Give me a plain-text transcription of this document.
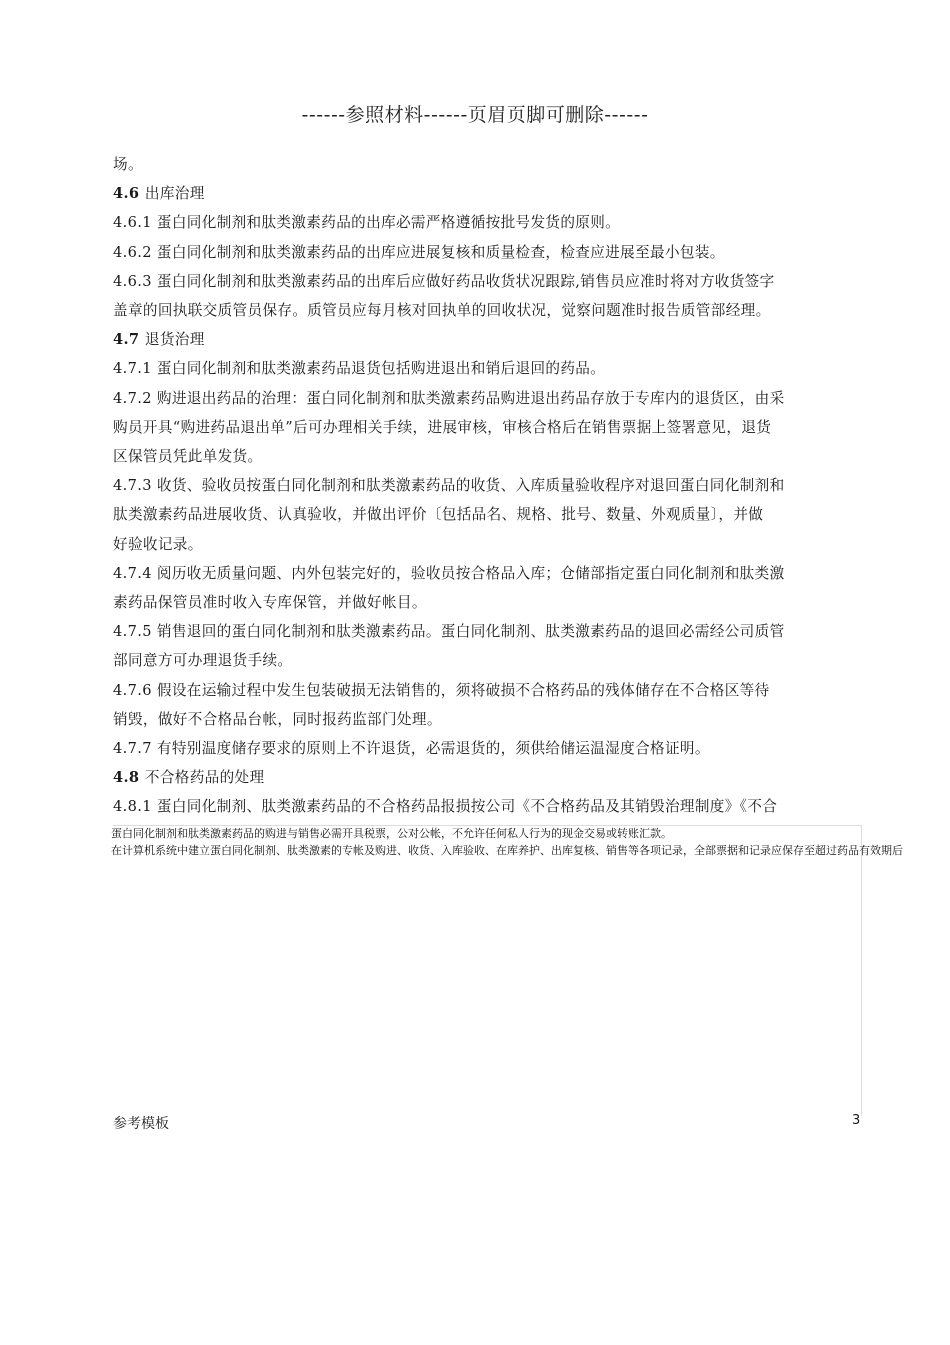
------参照材料------页眉页脚可删除------

场。

4.6 出库治理

4.6.1 蛋白同化制剂和肽类激素药品的出库必需严格遵循按批号发货的原则。

4.6.2 蛋白同化制剂和肽类激素药品的出库应进展复核和质量检查，检查应进展至最小包装。

4.6.3 蛋白同化制剂和肽类激素药品的出库后应做好药品收货状况跟踪,销售员应准时将对方收货签字

盖章的回执联交质管员保存。质管员应每月核对回执单的回收状况，觉察问题准时报告质管部经理。

4.7 退货治理

4.7.1 蛋白同化制剂和肽类激素药品退货包括购进退出和销后退回的药品。

4.7.2 购进退出药品的治理：蛋白同化制剂和肽类激素药品购进退出药品存放于专库内的退货区，由采

购员开具“购进药品退出单”后可办理相关手续，进展审核，审核合格后在销售票据上签署意见，退货

区保管员凭此单发货。

4.7.3 收货、验收员按蛋白同化制剂和肽类激素药品的收货、入库质量验收程序对退回蛋白同化制剂和

肽类激素药品进展收货、认真验收，并做出评价〔包括品名、规格、批号、数量、外观质量〕，并做

好验收记录。

4.7.4 阅历收无质量问题、内外包装完好的，验收员按合格品入库；仓储部指定蛋白同化制剂和肽类激

素药品保管员准时收入专库保管，并做好帐目。

4.7.5 销售退回的蛋白同化制剂和肽类激素药品。蛋白同化制剂、肽类激素药品的退回必需经公司质管

部同意方可办理退货手续。

4.7.6 假设在运输过程中发生包装破损无法销售的，须将破损不合格药品的残体储存在不合格区等待

销毁，做好不合格品台帐，同时报药监部门处理。

4.7.7 有特别温度储存要求的原则上不许退货，必需退货的，须供给储运温湿度合格证明。

4.8 不合格药品的处理

4.8.1 蛋白同化制剂、肽类激素药品的不合格药品报损按公司《不合格药品及其销毁治理制度》《不合

蛋白同化制剂和肽类激素药品的购进与销售必需开具税票，公对公帐，不允许任何私人行为的现金交易或转账汇款。
在计算机系统中建立蛋白同化制剂、肽类激素的专帐及购进、收货、入库验收、在库养护、出库复核、销售等各项记录，全部票据和记录应保存至超过药品有效期后
参考模板	3
